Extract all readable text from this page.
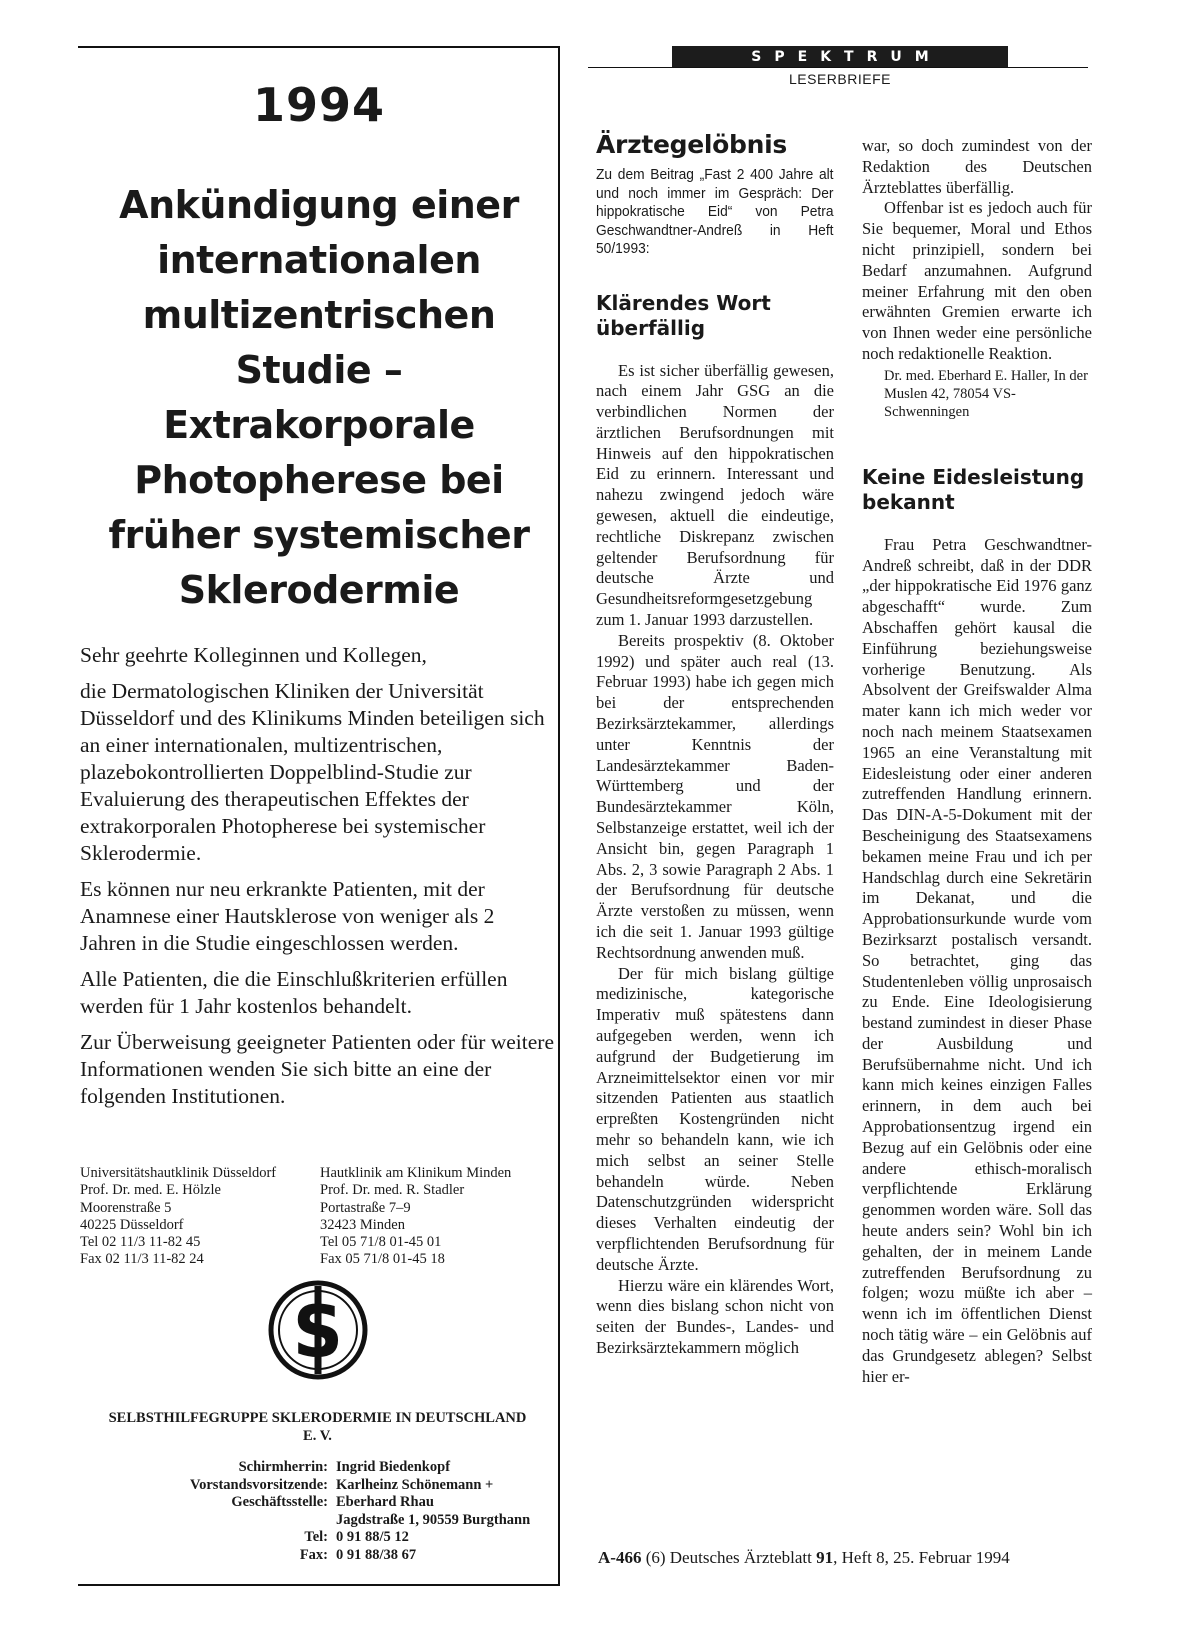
1994
Ankündigung einer
internationalen
multizentrischen
Studie –
Extrakorporale
Photopherese bei
früher systemischer
Sklerodermie

Sehr geehrte Kolleginnen und Kollegen,

die Dermatologischen Kliniken der Universität Düsseldorf und des Klinikums Minden beteiligen sich an einer internationalen, multizentrischen, plazebokontrollierten Doppelblind-Studie zur Evaluierung des therapeutischen Effektes der extrakorporalen Photopherese bei systemischer Sklerodermie.

Es können nur neu erkrankte Patienten, mit der Anamnese einer Hautsklerose von weniger als 2 Jahren in die Studie eingeschlossen werden.

Alle Patienten, die die Einschlußkriterien erfüllen werden für 1 Jahr kostenlos behandelt.

Zur Überweisung geeigneter Patienten oder für weitere Informationen wenden Sie sich bitte an eine der folgenden Institutionen.

Universitätshautklinik Düsseldorf
Prof. Dr. med. E. Hölzle
Moorenstraße 5
40225 Düsseldorf
Tel 02 11/3 11-82 45
Fax 02 11/3 11-82 24
Hautklinik am Klinikum Minden
Prof. Dr. med. R. Stadler
Portastraße 7–9
32423 Minden
Tel 05 71/8 01-45 01
Fax 05 71/8 01-45 18
S
SELBSTHILFEGRUPPE SKLERODERMIE IN DEUTSCHLAND
E. V.
Schirmherrin: Ingrid Biedenkopf
Vorstandsvorsitzende: Karlheinz Schönemann +
Geschäftsstelle: Eberhard Rhau
Jagdstraße 1, 90559 Burgthann
Tel: 0 91 88/5 12
Fax: 0 91 88/38 67
SPEKTRUM
LESERBRIEFE
Ärztegelöbnis

Zu dem Beitrag „Fast 2 400 Jahre alt und noch immer im Gespräch: Der hippokratische Eid“ von Petra Geschwandtner-Andreß in Heft 50/1993:

Klärendes Wort überfällig

Es ist sicher überfällig gewesen, nach einem Jahr GSG an die verbindlichen Normen der ärztlichen Berufsordnungen mit Hinweis auf den hippokratischen Eid zu erinnern. Interessant und nahezu zwingend jedoch wäre gewesen, aktuell die eindeutige, rechtliche Diskrepanz zwischen geltender Berufsordnung für deutsche Ärzte und Gesundheitsreformgesetzgebung zum 1. Januar 1993 darzustellen.

Bereits prospektiv (8. Oktober 1992) und später auch real (13. Februar 1993) habe ich gegen mich bei der entsprechenden Bezirksärztekammer, allerdings unter Kenntnis der Landesärztekammer Baden-Württemberg und der Bundesärztekammer Köln, Selbstanzeige erstattet, weil ich der Ansicht bin, gegen Paragraph 1 Abs. 2, 3 sowie Paragraph 2 Abs. 1 der Berufsordnung für deutsche Ärzte verstoßen zu müssen, wenn ich die seit 1. Januar 1993 gültige Rechtsordnung anwenden muß.

Der für mich bislang gültige medizinische, kategorische Imperativ muß spätestens dann aufgegeben werden, wenn ich aufgrund der Budgetierung im Arzneimittelsektor einen vor mir sitzenden Patienten aus staatlich erpreßten Kostengründen nicht mehr so behandeln kann, wie ich mich selbst an seiner Stelle behandeln würde. Neben Datenschutzgründen widerspricht dieses Verhalten eindeutig der verpflichtenden Berufsordnung für deutsche Ärzte.

Hierzu wäre ein klärendes Wort, wenn dies bislang schon nicht von seiten der Bundes-, Landes- und Bezirksärztekammern möglich

war, so doch zumindest von der Redaktion des Deutschen Ärzteblattes überfällig.

Offenbar ist es jedoch auch für Sie bequemer, Moral und Ethos nicht prinzipiell, sondern bei Bedarf anzumahnen. Aufgrund meiner Erfahrung mit den oben erwähnten Gremien erwarte ich von Ihnen weder eine persönliche noch redaktionelle Reaktion.

Dr. med. Eberhard E. Haller, In der Muslen 42, 78054 VS-Schwenningen

Keine Eidesleistung bekannt

Frau Petra Geschwandtner-Andreß schreibt, daß in der DDR „der hippokratische Eid 1976 ganz abgeschafft“ wurde. Zum Abschaffen gehört kausal die Einführung beziehungsweise vorherige Benutzung. Als Absolvent der Greifswalder Alma mater kann ich mich weder vor noch nach meinem Staatsexamen 1965 an eine Veranstaltung mit Eidesleistung oder einer anderen zutreffenden Handlung erinnern. Das DIN-A-5-Dokument mit der Bescheinigung des Staatsexamens bekamen meine Frau und ich per Handschlag durch eine Sekretärin im Dekanat, und die Approbationsurkunde wurde vom Bezirksarzt postalisch versandt. So betrachtet, ging das Studentenleben völlig unprosaisch zu Ende. Eine Ideologisierung bestand zumindest in dieser Phase der Ausbildung und Berufsübernahme nicht. Und ich kann mich keines einzigen Falles erinnern, in dem auch bei Approbationsentzug irgend ein Bezug auf ein Gelöbnis oder eine andere ethisch-moralisch verpflichtende Erklärung genommen worden wäre. Soll das heute anders sein? Wohl bin ich gehalten, der in meinem Lande zutreffenden Berufsordnung zu folgen; wozu müßte ich aber – wenn ich im öffentlichen Dienst noch tätig wäre – ein Gelöbnis auf das Grundgesetz ablegen? Selbst hier er-

A-466 (6) Deutsches Ärzteblatt 91, Heft 8, 25. Februar 1994
